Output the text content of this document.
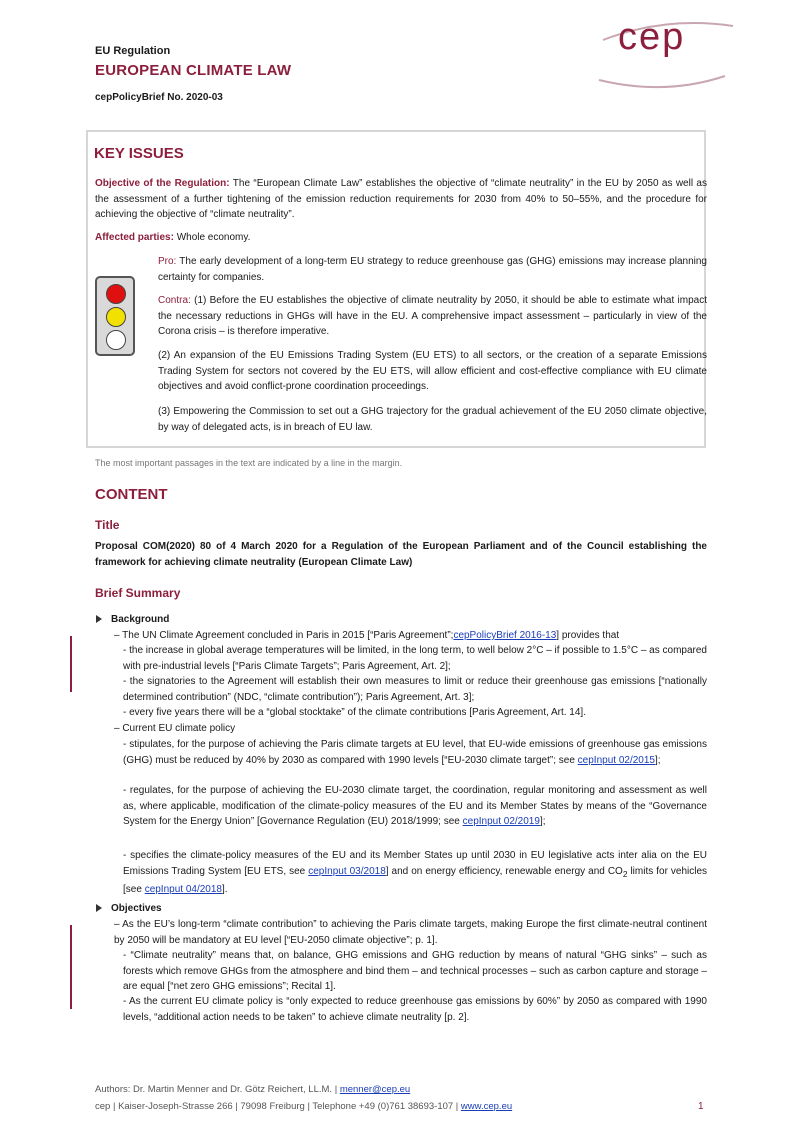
EU Regulation
EUROPEAN CLIMATE LAW
cepPolicyBrief No. 2020-03
cep
KEY ISSUES
Objective of the Regulation: The “European Climate Law” establishes the objective of “climate neutrality” in the EU by 2050 as well as the assessment of a further tightening of the emission reduction requirements for 2030 from 40% to 50–55%, and the procedure for achieving the objective of “climate neutrality”.
Affected parties: Whole economy.
Pro: The early development of a long-term EU strategy to reduce greenhouse gas (GHG) emissions may increase planning certainty for companies.
Contra: (1) Before the EU establishes the objective of climate neutrality by 2050, it should be able to estimate what impact the necessary reductions in GHGs will have in the EU. A comprehensive impact assessment – particularly in view of the Corona crisis – is therefore imperative.
(2) An expansion of the EU Emissions Trading System (EU ETS) to all sectors, or the creation of a separate Emissions Trading System for sectors not covered by the EU ETS, will allow efficient and cost-effective compliance with EU climate objectives and avoid conflict-prone coordination proceedings.
(3) Empowering the Commission to set out a GHG trajectory for the gradual achievement of the EU 2050 climate objective, by way of delegated acts, is in breach of EU law.
The most important passages in the text are indicated by a line in the margin.
CONTENT
Title
Proposal COM(2020) 80 of 4 March 2020 for a Regulation of the European Parliament and of the Council establishing the framework for achieving climate neutrality (European Climate Law)
Brief Summary
Background
– The UN Climate Agreement concluded in Paris in 2015 [“Paris Agreement”;cepPolicyBrief 2016-13] provides that
- the increase in global average temperatures will be limited, in the long term, to well below 2°C – if possible to 1.5°C – as compared with pre-industrial levels [“Paris Climate Targets”; Paris Agreement, Art. 2];
- the signatories to the Agreement will establish their own measures to limit or reduce their greenhouse gas emissions [“nationally determined contribution” (NDC, “climate contribution”); Paris Agreement, Art. 3];
- every five years there will be a “global stocktake” of the climate contributions [Paris Agreement, Art. 14].
– Current EU climate policy
- stipulates, for the purpose of achieving the Paris climate targets at EU level, that EU-wide emissions of greenhouse gas emissions (GHG) must be reduced by 40% by 2030 as compared with 1990 levels [“EU-2030 climate target”; see cepInput 02/2015];
- regulates, for the purpose of achieving the EU-2030 climate target, the coordination, regular monitoring and assessment as well as, where applicable, modification of the climate-policy measures of the EU and its Member States by means of the “Governance System for the Energy Union” [Governance Regulation (EU) 2018/1999; see cepInput 02/2019];
- specifies the climate-policy measures of the EU and its Member States up until 2030 in EU legislative acts inter alia on the EU Emissions Trading System [EU ETS, see cepInput 03/2018] and on energy efficiency, renewable energy and $CO_2$ limits for vehicles [see cepInput 04/2018].
Objectives
– As the EU’s long-term “climate contribution” to achieving the Paris climate targets, making Europe the first climate-neutral continent by 2050 will be mandatory at EU level [“EU-2050 climate objective”; p. 1].
- “Climate neutrality” means that, on balance, GHG emissions and GHG reduction by means of natural “GHG sinks” – such as forests which remove GHGs from the atmosphere and bind them – and technical processes – such as carbon capture and storage – are equal [“net zero GHG emissions”; Recital 1].
- As the current EU climate policy is “only expected to reduce greenhouse gas emissions by 60%” by 2050 as compared with 1990 levels, “additional action needs to be taken” to achieve climate neutrality [p. 2].
Authors: Dr. Martin Menner and Dr. Götz Reichert, LL.M. | menner@cep.eu
cep | Kaiser-Joseph-Strasse 266 | 79098 Freiburg | Telephone +49 (0)761 38693-107 | www.cep.eu	1
